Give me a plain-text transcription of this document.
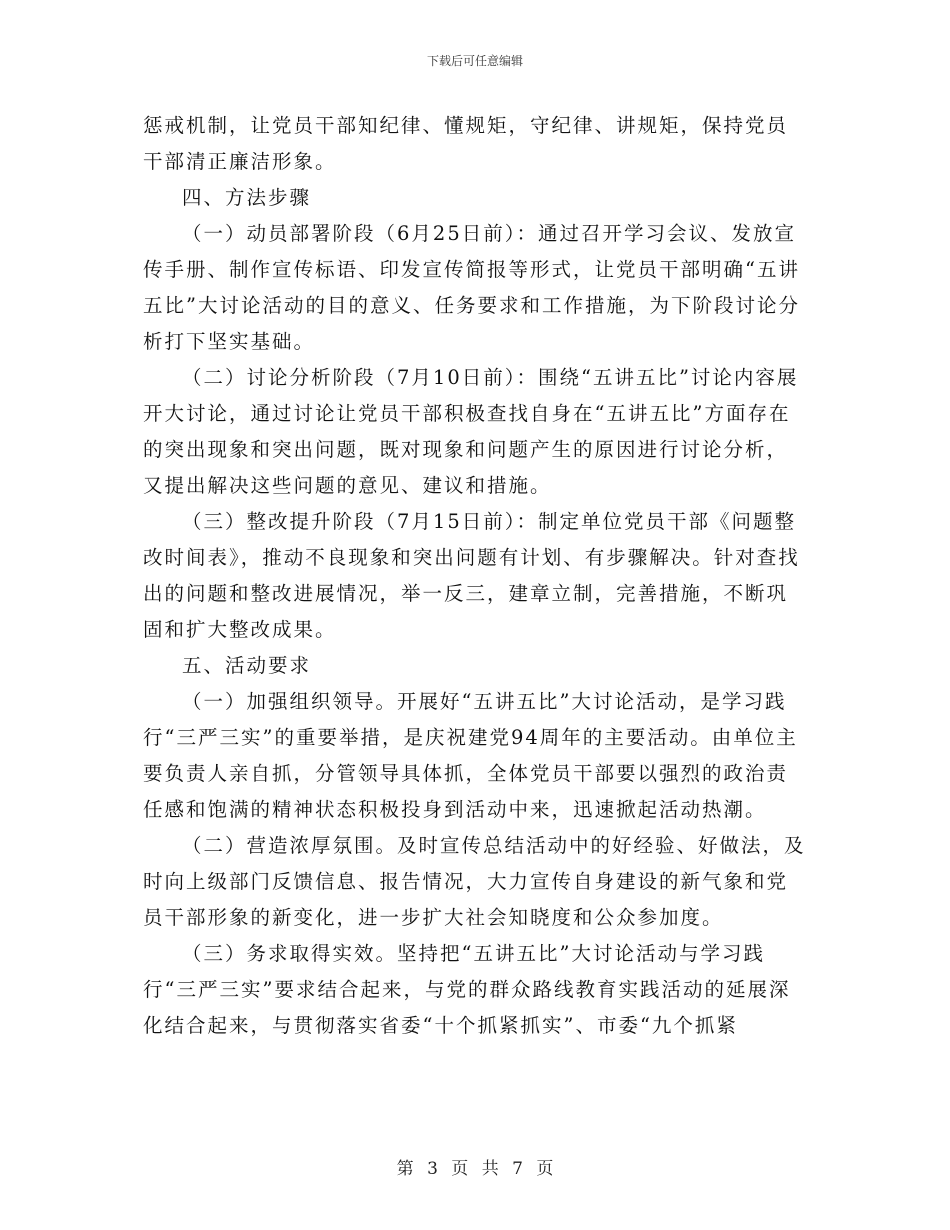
下载后可任意编辑

惩戒机制，让党员干部知纪律、懂规矩，守纪律、讲规矩，保持党员干部清正廉洁形象。

四、方法步骤

（一）动员部署阶段（6月25日前）：通过召开学习会议、发放宣传手册、制作宣传标语、印发宣传简报等形式，让党员干部明确“五讲五比”大讨论活动的目的意义、任务要求和工作措施，为下阶段讨论分析打下坚实基础。

（二）讨论分析阶段（7月10日前）：围绕“五讲五比”讨论内容展开大讨论，通过讨论让党员干部积极查找自身在“五讲五比”方面存在的突出现象和突出问题，既对现象和问题产生的原因进行讨论分析，又提出解决这些问题的意见、建议和措施。

（三）整改提升阶段（7月15日前）：制定单位党员干部《问题整改时间表》，推动不良现象和突出问题有计划、有步骤解决。针对查找出的问题和整改进展情况，举一反三，建章立制，完善措施，不断巩固和扩大整改成果。

五、活动要求

（一）加强组织领导。开展好“五讲五比”大讨论活动，是学习践行“三严三实”的重要举措，是庆祝建党94周年的主要活动。由单位主要负责人亲自抓，分管领导具体抓，全体党员干部要以强烈的政治责任感和饱满的精神状态积极投身到活动中来，迅速掀起活动热潮。

（二）营造浓厚氛围。及时宣传总结活动中的好经验、好做法，及时向上级部门反馈信息、报告情况，大力宣传自身建设的新气象和党员干部形象的新变化，进一步扩大社会知晓度和公众参加度。

（三）务求取得实效。坚持把“五讲五比”大讨论活动与学习践行“三严三实”要求结合起来，与党的群众路线教育实践活动的延展深化结合起来，与贯彻落实省委“十个抓紧抓实”、市委“九个抓紧

第 3 页 共 7 页
